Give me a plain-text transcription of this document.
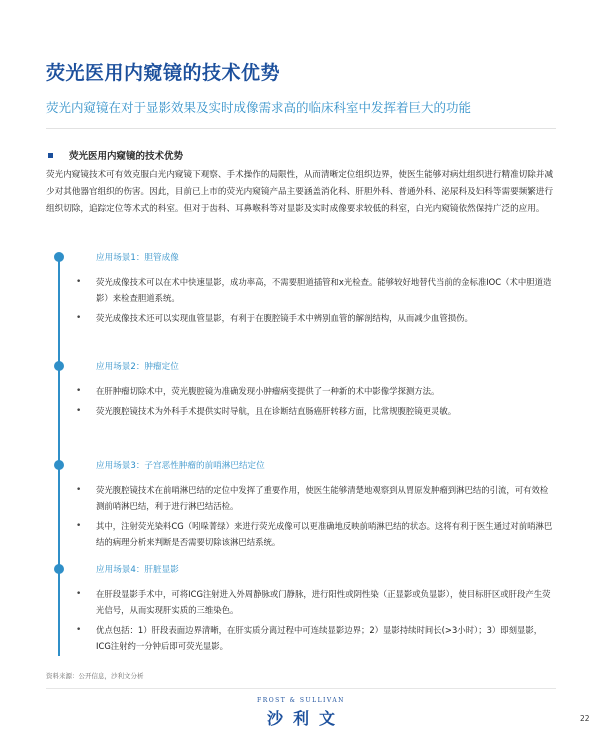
荧光医用内窥镜的技术优势
荧光内窥镜在对于显影效果及实时成像需求高的临床科室中发挥着巨大的功能
荧光医用内窥镜的技术优势
荧光内窥镜技术可有效克服白光内窥镜下观察、手术操作的局限性，从而清晰定位组织边界，使医生能够对病灶组织进行精准切除并减少对其他器官组织的伤害。因此，目前已上市的荧光内窥镜产品主要涵盖消化科、肝胆外科、普通外科、泌尿科及妇科等需要频繁进行组织切除，追踪定位等术式的科室。但对于齿科、耳鼻喉科等对显影及实时成像要求较低的科室，白光内窥镜依然保持广泛的应用。
应用场景1：胆管成像
• 荧光成像技术可以在术中快速显影，成功率高，不需要胆道插管和x光检查。能够较好地替代当前的金标准IOC（术中胆道造影）来检查胆道系统。
• 荧光成像技术还可以实现血管显影，有利于在腹腔镜手术中辨别血管的解剖结构，从而减少血管损伤。
应用场景2：肿瘤定位
• 在肝肿瘤切除术中，荧光腹腔镜为准确发现小肿瘤病变提供了一种新的术中影像学探测方法。
• 荧光腹腔镜技术为外科手术提供实时导航，且在诊断结直肠癌肝转移方面，比常规腹腔镜更灵敏。
应用场景3：子宫恶性肿瘤的前哨淋巴结定位
• 荧光腹腔镜技术在前哨淋巴结的定位中发挥了重要作用，使医生能够清楚地观察到从胃原发肿瘤到淋巴结的引流，可有效检测前哨淋巴结，利于进行淋巴结活检。
• 其中，注射荧光染料CG（吲哚菁绿）来进行荧光成像可以更准确地反映前哨淋巴结的状态。这将有利于医生通过对前哨淋巴结的病理分析来判断是否需要切除该淋巴结系统。
应用场景4：肝脏显影
• 在肝段显影手术中，可将ICG注射进入外周静脉或门静脉，进行阳性或阴性染（正显影或负显影），使目标肝区或肝段产生荧光信号，从而实现肝实质的三维染色。
• 优点包括：1）肝段表面边界清晰，在肝实质分离过程中可连续显影边界；2）显影持续时间长(>3小时）；3）即刻显影，ICG注射约一分钟后即可荧光显影。
资料来源：公开信息，沙利文分析
FROST & SULLIVAN
沙利文	22
